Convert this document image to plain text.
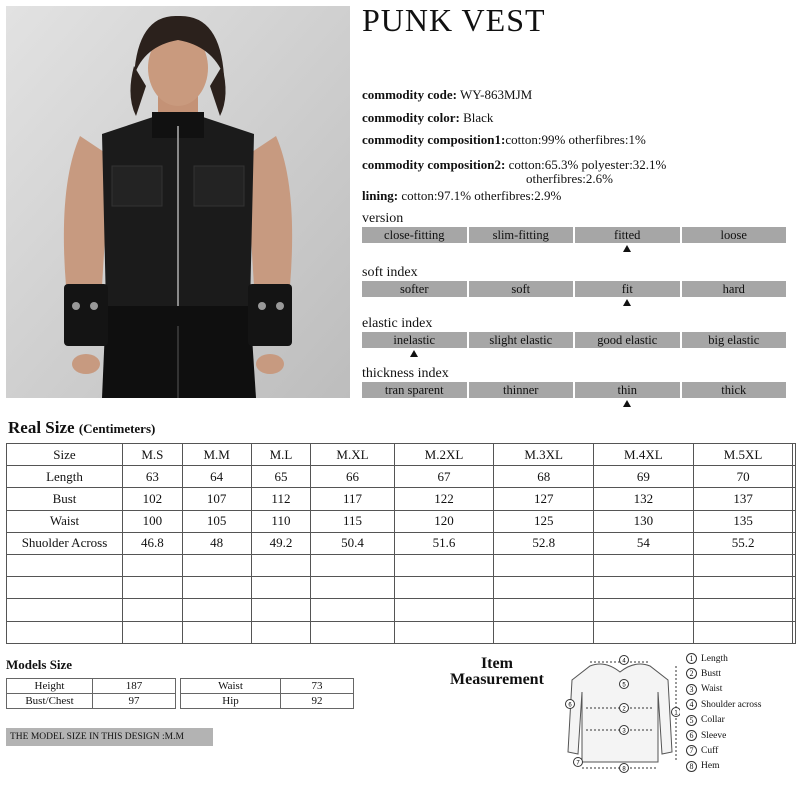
PUNK VEST
commodity code: WY-863MJM
commodity color: Black
commodity composition1:cotton:99% otherfibres:1%
commodity composition2: cotton:65.3% polyester:32.1%
otherfibres:2.6%
lining: cotton:97.1% otherfibres:2.9%
version
close-fitting	slim-fitting	fitted	loose
soft index
softer	soft	fit	hard
elastic index
inelastic	slight elastic	good elastic	big elastic
thickness index
tran sparent	thinner	thin	thick
Real Size (Centimeters)
Size	M.S	M.M	M.L	M.XL	M.2XL	M.3XL	M.4XL	M.5XL	
Length	63	64	65	66	67	68	69	70	
Bust	102	107	112	117	122	127	132	137	
Waist	100	105	110	115	120	125	130	135	
Shuolder Across	46.8	48	49.2	50.4	51.6	52.8	54	55.2	

Models Size
Height	187
Bust/Chest	97
Waist	73
Hip	92
THE MODEL SIZE IN THIS DESIGN :M.M
Item
Measurement
4
5
2
3
8
6
7
1
1 Length
2 Bustt
3 Waist
4 Shoulder across
5 Collar
6 Sleeve
7 Cuff
8 Hem
